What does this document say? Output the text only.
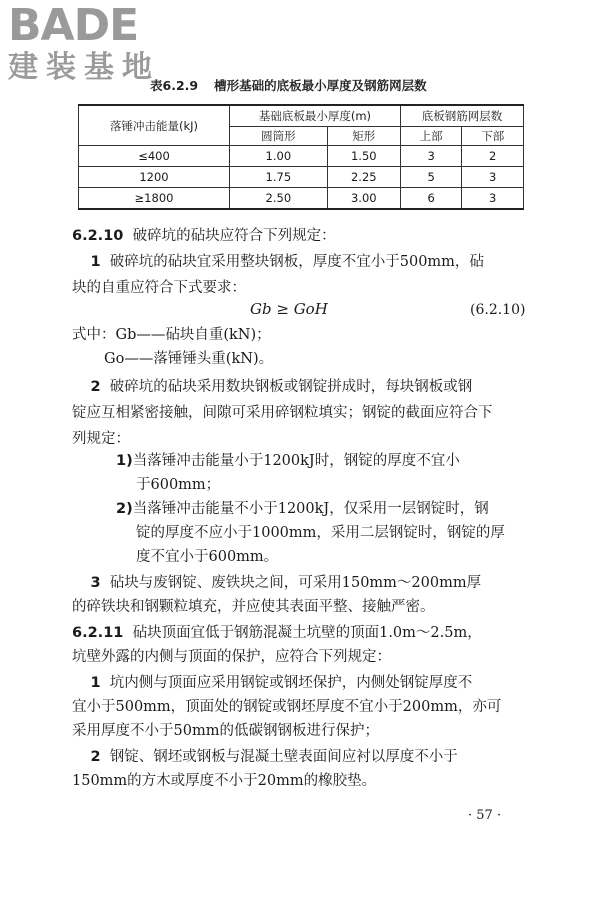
BADE
建装基地
表6.2.9 槽形基础的底板最小厚度及钢筋网层数
落锤冲击能量(kJ)	基础底板最小厚度(m)		底板钢筋网层数	
	圆筒形	矩形	上部	下部
≤400	1.00	1.50	3	2
1200	1.75	2.25	5	3
≥1800	2.50	3.00	6	3
6.2.10 破碎坑的砧块应符合下列规定：
1 破碎坑的砧块宜采用整块钢板，厚度不宜小于500mm，砧
块的自重应符合下式要求：
Gb ≥ GoH	(6.2.10)
式中：Gb——砧块自重(kN)；
Go——落锤锤头重(kN)。
2 破碎坑的砧块采用数块钢板或钢锭拼成时，每块钢板或钢
锭应互相紧密接触，间隙可采用碎钢粒填实；钢锭的截面应符合下
列规定：
1)当落锤冲击能量小于1200kJ时，钢锭的厚度不宜小
于600mm；
2)当落锤冲击能量不小于1200kJ，仅采用一层钢锭时，钢
锭的厚度不应小于1000mm，采用二层钢锭时，钢锭的厚
度不宜小于600mm。
3 砧块与废钢锭、废铁块之间，可采用150mm～200mm厚
的碎铁块和钢颗粒填充，并应使其表面平整、接触严密。
6.2.11 砧块顶面宜低于钢筋混凝土坑壁的顶面1.0m～2.5m，
坑壁外露的内侧与顶面的保护，应符合下列规定：
1 坑内侧与顶面应采用钢锭或钢坯保护，内侧处钢锭厚度不
宜小于500mm，顶面处的钢锭或钢坯厚度不宜小于200mm，亦可
采用厚度不小于50mm的低碳钢钢板进行保护；
2 钢锭、钢坯或钢板与混凝土壁表面间应衬以厚度不小于
150mm的方木或厚度不小于20mm的橡胶垫。
· 57 ·
